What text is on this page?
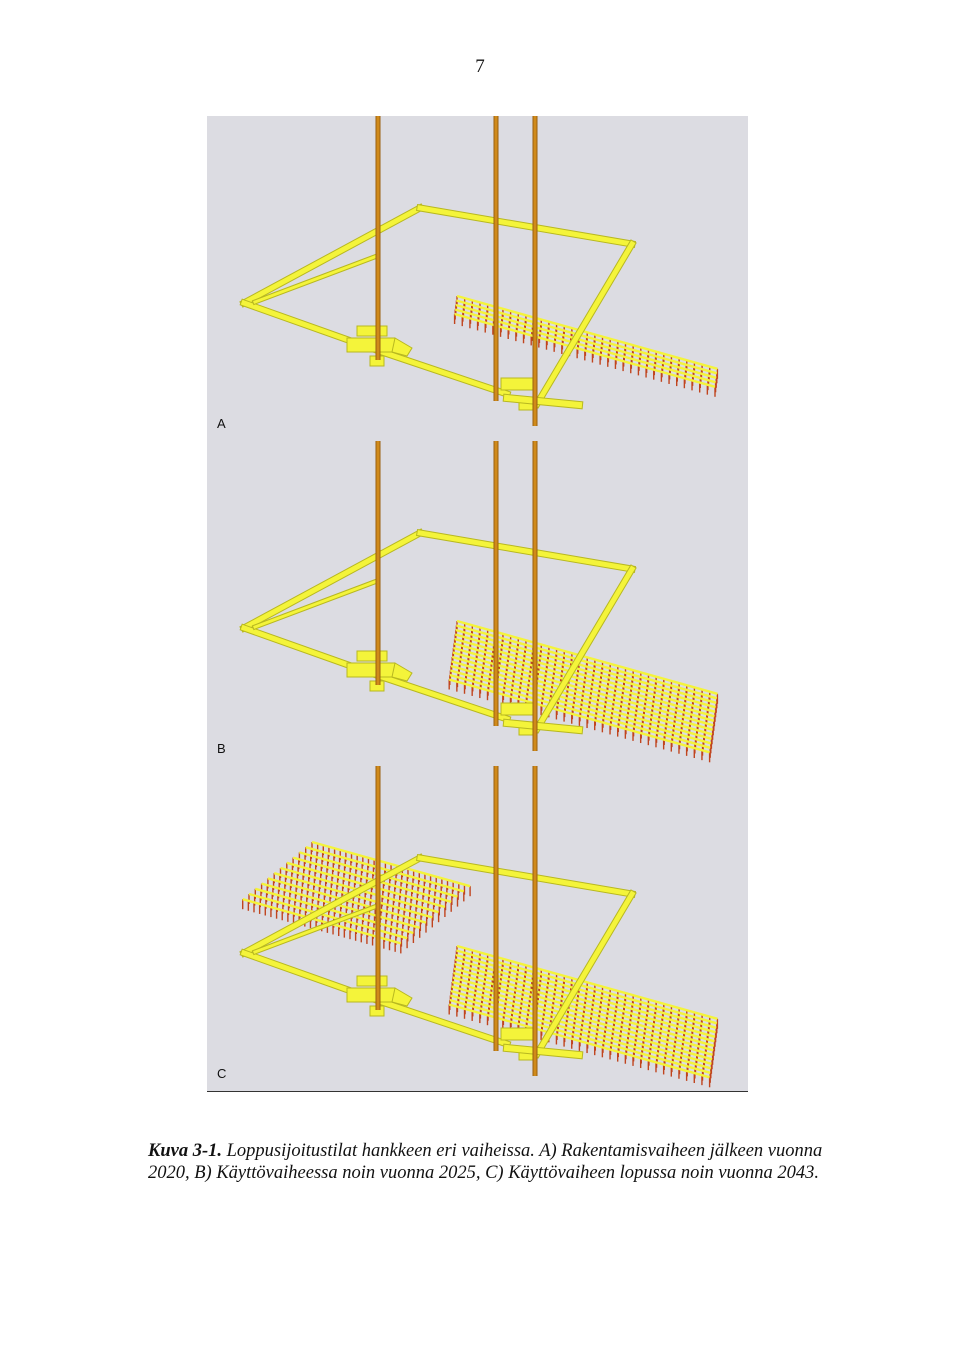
7
A
B
C
Kuva 3-1. Loppusijoitustilat hankkeen eri vaiheissa. A) Rakentamisvaiheen jälkeen vuonna 2020, B) Käyttövaiheessa noin vuonna 2025, C) Käyttövaiheen lopussa noin vuonna 2043.
